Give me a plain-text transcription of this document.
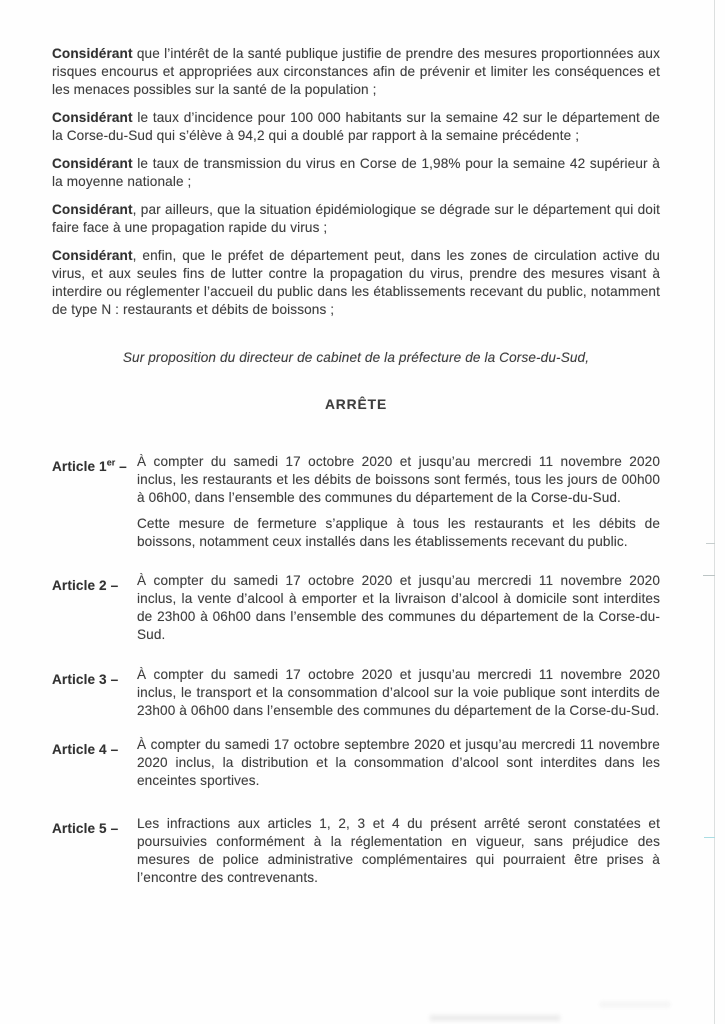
Considérant que l’intérêt de la santé publique justifie de prendre des mesures proportionnées aux risques encourus et appropriées aux circonstances afin de prévenir et limiter les conséquences et les menaces possibles sur la santé de la population ;

Considérant le taux d’incidence pour 100 000 habitants sur la semaine 42 sur le département de la Corse-du-Sud qui s’élève à 94,2 qui a doublé par rapport à la semaine précédente ;

Considérant le taux de transmission du virus en Corse de 1,98% pour la semaine 42 supérieur à la moyenne nationale ;

Considérant, par ailleurs, que la situation épidémiologique se dégrade sur le département qui doit faire face à une propagation rapide du virus ;

Considérant, enfin, que le préfet de département peut, dans les zones de circulation active du virus, et aux seules fins de lutter contre la propagation du virus, prendre des mesures visant à interdire ou réglementer l’accueil du public dans les établissements recevant du public, notamment de type N : restaurants et débits de boissons ;

Sur proposition du directeur de cabinet de la préfecture de la Corse-du-Sud,

ARRÊTE
Article 1er – À compter du samedi 17 octobre 2020 et jusqu’au mercredi 11 novembre 2020 inclus, les restaurants et les débits de boissons sont fermés, tous les jours de 00h00 à 06h00, dans l’ensemble des communes du département de la Corse-du-Sud.

Cette mesure de fermeture s’applique à tous les restaurants et les débits de boissons, notamment ceux installés dans les établissements recevant du public.

Article 2 –	À compter du samedi 17 octobre 2020 et jusqu’au mercredi 11 novembre 2020 inclus, la vente d’alcool à emporter et la livraison d’alcool à domicile sont interdites de 23h00 à 06h00 dans l’ensemble des communes du département de la Corse-du-Sud.

Article 3 –	À compter du samedi 17 octobre 2020 et jusqu’au mercredi 11 novembre 2020 inclus, le transport et la consommation d’alcool sur la voie publique sont interdits de 23h00 à 06h00 dans l’ensemble des communes du département de la Corse-du-Sud.

Article 4 –	À compter du samedi 17 octobre septembre 2020 et jusqu’au mercredi 11 novembre 2020 inclus, la distribution et la consommation d’alcool sont interdites dans les enceintes sportives.

Article 5 –	Les infractions aux articles 1, 2, 3 et 4 du présent arrêté seront constatées et poursuivies conformément à la réglementation en vigueur, sans préjudice des mesures de police administrative complémentaires qui pourraient être prises à l’encontre des contrevenants.
